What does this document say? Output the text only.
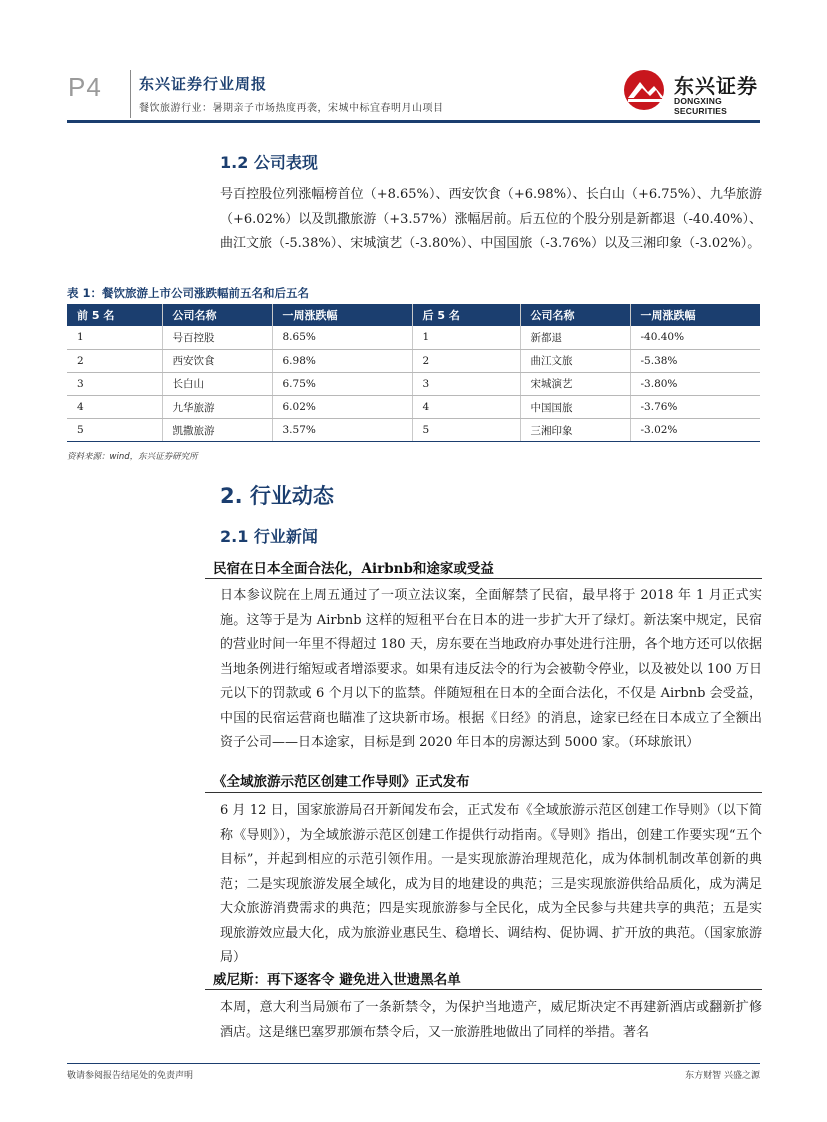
P4 东兴证券行业周报
餐饮旅游行业：暑期亲子市场热度再袭，宋城中标宜春明月山项目
东兴证券
DONGXING SECURITIES
1.2 公司表现
号百控股位列涨幅榜首位（+8.65%）、西安饮食（+6.98%）、长白山（+6.75%）、九华旅游（+6.02%）以及凯撒旅游（+3.57%）涨幅居前。后五位的个股分别是新都退（-40.40%）、曲江文旅（-5.38%）、宋城演艺（-3.80%）、中国国旅（-3.76%）以及三湘印象（-3.02%）。
表 1：餐饮旅游上市公司涨跌幅前五名和后五名
前 5 名	公司名称	一周涨跌幅	后 5 名	公司名称	一周涨跌幅
1	号百控股	8.65%	1	新都退	-40.40%
2	西安饮食	6.98%	2	曲江文旅	-5.38%
3	长白山	6.75%	3	宋城演艺	-3.80%
4	九华旅游	6.02%	4	中国国旅	-3.76%
5	凯撒旅游	3.57%	5	三湘印象	-3.02%
资料来源：wind，东兴证券研究所
2. 行业动态
2.1 行业新闻
民宿在日本全面合法化，Airbnb和途家或受益
日本参议院在上周五通过了一项立法议案，全面解禁了民宿，最早将于 2018 年 1 月正式实施。这等于是为 Airbnb 这样的短租平台在日本的进一步扩大开了绿灯。新法案中规定，民宿的营业时间一年里不得超过 180 天，房东要在当地政府办事处进行注册，各个地方还可以依据当地条例进行缩短或者增添要求。如果有违反法令的行为会被勒令停业，以及被处以 100 万日元以下的罚款或 6 个月以下的监禁。伴随短租在日本的全面合法化，不仅是 Airbnb 会受益，中国的民宿运营商也瞄准了这块新市场。根据《日经》的消息，途家已经在日本成立了全额出资子公司——日本途家，目标是到 2020 年日本的房源达到 5000 家。（环球旅讯）
《全域旅游示范区创建工作导则》正式发布
6 月 12 日，国家旅游局召开新闻发布会，正式发布《全域旅游示范区创建工作导则》（以下简称《导则》），为全域旅游示范区创建工作提供行动指南。《导则》指出，创建工作要实现“五个目标”，并起到相应的示范引领作用。一是实现旅游治理规范化，成为体制机制改革创新的典范；二是实现旅游发展全域化，成为目的地建设的典范；三是实现旅游供给品质化，成为满足大众旅游消费需求的典范；四是实现旅游参与全民化，成为全民参与共建共享的典范；五是实现旅游效应最大化，成为旅游业惠民生、稳增长、调结构、促协调、扩开放的典范。（国家旅游局）
威尼斯：再下逐客令 避免进入世遗黑名单
本周，意大利当局颁布了一条新禁令，为保护当地遗产，威尼斯决定不再建新酒店或翻新扩修酒店。这是继巴塞罗那颁布禁令后，又一旅游胜地做出了同样的举措。著名
敬请参阅报告结尾处的免责声明	东方财智 兴盛之源
